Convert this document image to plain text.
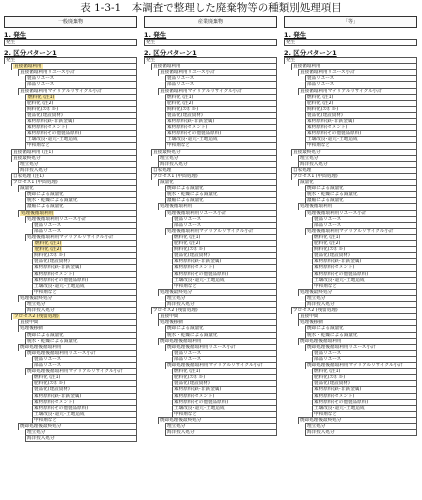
表 1-3-1　本調査で整理した廃棄物等の種類別処理項目
一般廃棄物
1. 発生
発生
2. 区分パターン1
発生
直接循環利用
直接循環利用リユース小計
製品リユース
部品リユース
直接循環利用マテリアルリサイクル小計
燃料化 (注1)
肥料化 (注2)
飼料化(ｺﾝﾎﾟｽﾄ)
製品化(建設資材)
素材原料(鉄･非鉄金属)
素材原料(セメント)
素材原料(その他製品原料)
土壌改良･還元･土地造成
中和剤など
直接循環利用 (注1)
直接最終処分
埋立処分
海洋投入処分
自家処理 (注1)
プロセス1 (中間処理)
減量化
焼却による減量化
脱水・乾燥による減量化
濃縮による減量化
処理後循環利用
処理後循環利用リユース小計
製品リユース
部品リユース
処理後循環利用マテリアルリサイクル小計
燃料化 (注1)
肥料化 (注2)
飼料化(ｺﾝﾎﾟｽﾄ)
製品化(建設資材)
素材原料(鉄･非鉄金属)
素材原料(セメント)
素材原料(その他製品原料)
土壌改良･還元･土地造成
中和剤など
処理後最終処分
埋立処分
海洋投入処分
プロセス2 (残留処理)
直接中間
処理後移動
焼却による減量化
脱水・乾燥による減量化
焼却処理後循環利用
焼却処理後循環利用リユース小計
製品リユース
部品リユース
焼却処理後循環利用マテリアルリサイクル小計
燃料化 (注1)
肥料化(ｺﾝﾎﾟｽﾄ)
製品化(建設資材)
素材原料(鉄･非鉄金属)
素材原料(セメント)
素材原料(その他製品原料)
土壌改良･還元･土地造成
中和剤など
焼却処理後最終処分
埋立処分
海洋投入処分
産業廃棄物
1. 発生
発生
2. 区分パターン1
発生
直接循環利用
直接循環利用リユース小計
製品リユース
部品リユース
直接循環利用マテリアルリサイクル小計
燃料化 (注1)
肥料化 (注2)
飼料化(ｺﾝﾎﾟｽﾄ)
製品化(建設資材)
素材原料(鉄･非鉄金属)
素材原料(セメント)
素材原料(その他製品原料)
土壌改良･還元･土地造成
中和剤など
直接最終処分
埋立処分
海洋投入処分
自家処理
プロセス1 (中間処理)
減量化
焼却による減量化
脱水・乾燥による減量化
濃縮による減量化
処理後循環利用
処理後循環利用リユース小計
製品リユース
部品リユース
処理後循環利用マテリアルリサイクル小計
燃料化 (注1)
肥料化 (注2)
飼料化(ｺﾝﾎﾟｽﾄ)
製品化(建設資材)
素材原料(鉄･非鉄金属)
素材原料(セメント)
素材原料(その他製品原料)
土壌改良･還元･土地造成
中和剤など
処理後最終処分
埋立処分
海洋投入処分
プロセス2 (残留処理)
直接中間
処理後移動
焼却による減量化
脱水・乾燥による減量化
焼却処理後循環利用
焼却処理後循環利用リユース小計
製品リユース
部品リユース
焼却処理後循環利用マテリアルリサイクル小計
燃料化 (注1)
肥料化(ｺﾝﾎﾟｽﾄ)
製品化(建設資材)
素材原料(鉄･非鉄金属)
素材原料(セメント)
素材原料(その他製品原料)
土壌改良･還元･土地造成
中和剤など
焼却処理後最終処分
埋立処分
海洋投入処分
「等」
1. 発生
発生
2. 区分パターン1
発生
直接循環利用
直接循環利用リユース小計
製品リユース
部品リユース
直接循環利用マテリアルリサイクル小計
燃料化 (注1)
肥料化 (注2)
飼料化(ｺﾝﾎﾟｽﾄ)
製品化(建設資材)
素材原料(鉄･非鉄金属)
素材原料(セメント)
素材原料(その他製品原料)
土壌改良･還元･土地造成
中和剤など
直接最終処分
埋立処分
海洋投入処分
自家処理
プロセス1 (中間処理)
減量化
焼却による減量化
脱水・乾燥による減量化
濃縮による減量化
処理後循環利用
処理後循環利用リユース小計
製品リユース
部品リユース
処理後循環利用マテリアルリサイクル小計
燃料化 (注1)
肥料化 (注2)
飼料化(ｺﾝﾎﾟｽﾄ)
製品化(建設資材)
素材原料(鉄･非鉄金属)
素材原料(セメント)
素材原料(その他製品原料)
土壌改良･還元･土地造成
中和剤など
処理後最終処分
埋立処分
海洋投入処分
プロセス2 (残留処理)
直接中間
処理後移動
焼却による減量化
脱水・乾燥による減量化
焼却処理後循環利用
焼却処理後循環利用リユース小計
製品リユース
部品リユース
焼却処理後循環利用マテリアルリサイクル小計
燃料化 (注1)
肥料化(ｺﾝﾎﾟｽﾄ)
製品化(建設資材)
素材原料(鉄･非鉄金属)
素材原料(セメント)
素材原料(その他製品原料)
土壌改良･還元･土地造成
中和剤など
焼却処理後最終処分
埋立処分
海洋投入処分
